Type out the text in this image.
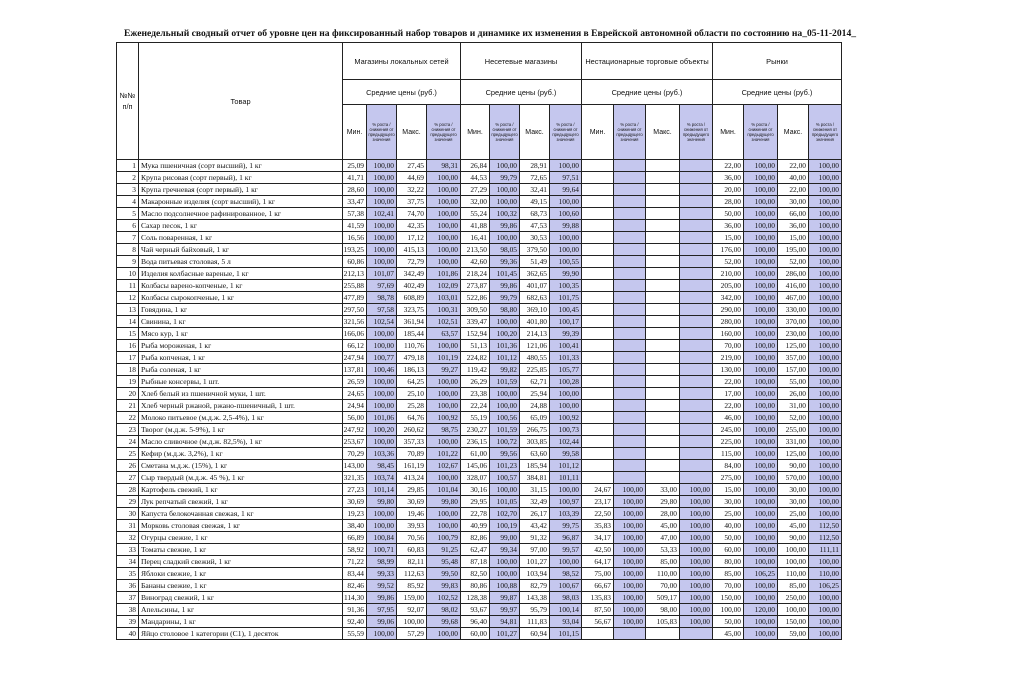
Еженедельный сводный отчет об уровне цен на фиксированный набор товаров и динамике их изменения в Еврейской автономной области по состоянию на_05-11-2014_
№№ п/п	Товар	Магазины локальных сетей				Несетевые магазины				Нестационарные торговые объекты				Рынки			
		Средние цены (руб.)				Средние цены (руб.)				Средние цены (руб.)				Средние цены (руб.)			
		Мин.	% роста / снижения от предыдущего значения	Макс.	% роста / снижения от предыдущего значения	Мин.	% роста / снижения от предыдущего значения	Макс.	% роста / снижения от предыдущего значения	Мин.	% роста / снижения от предыдущего значения	Макс.	% роста / снижения от предыдущего значения	Мин.	% роста / снижения от предыдущего значения	Макс.	% роста / снижения от предыдущего значения
1	Мука пшеничная (сорт высший), 1 кг	25,09	100,00	27,45	98,31	26,84	100,00	28,91	100,00					22,00	100,00	22,00	100,00
2	Крупа рисовая (сорт первый), 1 кг	41,71	100,00	44,69	100,00	44,53	99,79	72,65	97,51					36,00	100,00	40,00	100,00
3	Крупа гречневая (сорт первый), 1 кг	28,60	100,00	32,22	100,00	27,29	100,00	32,41	99,64					20,00	100,00	22,00	100,00
4	Макаронные изделия (сорт высший), 1 кг	33,47	100,00	37,75	100,00	32,00	100,00	49,15	100,00					28,00	100,00	30,00	100,00
5	Масло подсолнечное рафинированное, 1 кг	57,38	102,41	74,70	100,00	55,24	100,32	68,73	100,60					50,00	100,00	66,00	100,00
6	Сахар песок, 1 кг	41,59	100,00	42,35	100,00	41,88	99,86	47,53	99,88					36,00	100,00	36,00	100,00
7	Соль поваренная, 1 кг	16,56	100,00	17,12	100,00	16,41	100,00	30,53	100,00					15,00	100,00	15,00	100,00
8	Чай черный байховый, 1 кг	193,25	100,00	415,13	100,00	213,50	98,05	379,50	100,00					176,00	100,00	195,00	100,00
9	Вода питьевая столовая, 5 л	60,86	100,00	72,79	100,00	42,60	99,36	51,49	100,55					52,00	100,00	52,00	100,00
10	Изделия колбасные вареные, 1 кг	212,13	101,07	342,49	101,86	218,24	101,45	362,65	99,90					210,00	100,00	286,00	100,00
11	Колбасы варено-копченые, 1 кг	255,88	97,69	402,49	102,09	273,87	99,86	401,07	100,35					205,00	100,00	416,00	100,00
12	Колбасы сырокопченые, 1 кг	477,89	98,78	608,89	103,01	522,86	99,79	682,63	101,75					342,00	100,00	467,00	100,00
13	Говядина, 1 кг	297,50	97,58	323,75	100,31	309,50	98,80	369,10	100,45					290,00	100,00	330,00	100,00
14	Свинина, 1 кг	321,56	102,54	361,94	102,51	339,47	100,00	401,80	100,17					280,00	100,00	370,00	100,00
15	Мясо кур, 1 кг	166,06	100,00	185,44	63,57	152,94	100,20	214,13	99,39					160,00	100,00	230,00	100,00
16	Рыба мороженая, 1 кг	66,12	100,00	110,76	100,00	51,13	101,36	121,06	100,41					70,00	100,00	125,00	100,00
17	Рыба копченая, 1 кг	247,94	100,77	479,18	101,19	224,82	101,12	480,55	101,33					219,00	100,00	357,00	100,00
18	Рыба соленая, 1 кг	137,81	100,46	186,13	99,27	119,42	99,82	225,85	105,77					130,00	100,00	157,00	100,00
19	Рыбные консервы, 1 шт.	26,59	100,00	64,25	100,00	26,29	101,59	62,71	100,28					22,00	100,00	55,00	100,00
20	Хлеб белый из пшеничной муки, 1 шт.	24,65	100,00	25,10	100,00	23,38	100,00	25,94	100,00					17,00	100,00	26,00	100,00
21	Хлеб черный ржаной, ржано-пшеничный, 1 шт.	24,94	100,00	25,28	100,00	22,24	100,00	24,88	100,00					22,00	100,00	31,00	100,00
22	Молоко питьевое (м.д.ж. 2,5-4%), 1 кг	56,00	101,06	64,76	100,92	55,19	100,56	65,09	100,92					46,00	100,00	52,00	100,00
23	Творог (м.д.ж. 5-9%), 1 кг	247,92	100,20	260,62	98,75	230,27	101,59	266,75	100,73					245,00	100,00	255,00	100,00
24	Масло сливочное (м.д.ж. 82,5%), 1 кг	253,67	100,00	357,33	100,00	236,15	100,72	303,85	102,44					225,00	100,00	331,00	100,00
25	Кефир (м.д.ж. 3,2%), 1 кг	70,29	103,36	70,89	101,22	61,00	99,56	63,60	99,58					115,00	100,00	125,00	100,00
26	Сметана м.д.ж. (15%), 1 кг	143,00	98,45	161,19	102,67	145,06	101,23	185,94	101,12					84,00	100,00	90,00	100,00
27	Сыр твердый (м.д.ж. 45 %), 1 кг	321,35	103,74	413,24	100,00	328,07	100,57	384,81	101,11					275,00	100,00	570,00	100,00
28	Картофель свежий, 1 кг	27,23	101,14	29,85	101,04	30,16	100,00	31,15	100,00	24,67	100,00	33,00	100,00	15,00	100,00	30,00	100,00
29	Лук репчатый свежий, 1 кг	30,69	99,80	30,69	99,80	29,95	101,05	32,49	100,97	23,17	100,00	29,80	100,00	30,00	100,00	30,00	100,00
30	Капуста белокочанная свежая, 1 кг	19,23	100,00	19,46	100,00	22,78	102,70	26,17	103,39	22,50	100,00	28,00	100,00	25,00	100,00	25,00	100,00
31	Морковь столовая свежая, 1 кг	38,40	100,00	39,93	100,00	40,99	100,19	43,42	99,75	35,83	100,00	45,00	100,00	40,00	100,00	45,00	112,50
32	Огурцы свежие, 1 кг	66,89	100,84	70,56	100,79	82,86	99,00	91,32	96,87	34,17	100,00	47,00	100,00	50,00	100,00	90,00	112,50
33	Томаты свежие, 1 кг	58,92	100,71	60,83	91,25	62,47	99,34	97,00	99,57	42,50	100,00	53,33	100,00	60,00	100,00	100,00	111,11
34	Перец сладкий свежий, 1 кг	71,22	98,99	82,11	95,48	87,18	100,00	101,27	100,00	64,17	100,00	85,00	100,00	80,00	100,00	100,00	100,00
35	Яблоки свежие, 1 кг	83,44	99,33	112,63	99,50	82,50	100,00	103,94	98,52	75,00	100,00	110,00	100,00	85,00	106,25	110,00	110,00
36	Бананы свежие, 1 кг	82,46	99,52	85,92	99,83	80,86	100,88	82,79	100,67	66,67	100,00	70,00	100,00	70,00	100,00	85,00	106,25
37	Виноград свежий, 1 кг	114,30	99,86	159,00	102,52	128,38	99,87	143,38	98,03	135,83	100,00	509,17	100,00	150,00	100,00	250,00	100,00
38	Апельсины, 1 кг	91,36	97,95	92,07	98,02	93,67	99,97	95,79	100,14	87,50	100,00	98,00	100,00	100,00	120,00	100,00	100,00
39	Мандарины, 1 кг	92,40	99,06	100,00	99,68	96,40	94,81	111,83	93,04	56,67	100,00	105,83	100,00	50,00	100,00	150,00	100,00
40	Яйцо столовое 1 категории (С1), 1 десяток	55,59	100,00	57,29	100,00	60,00	101,27	60,94	101,15					45,00	100,00	59,00	100,00
